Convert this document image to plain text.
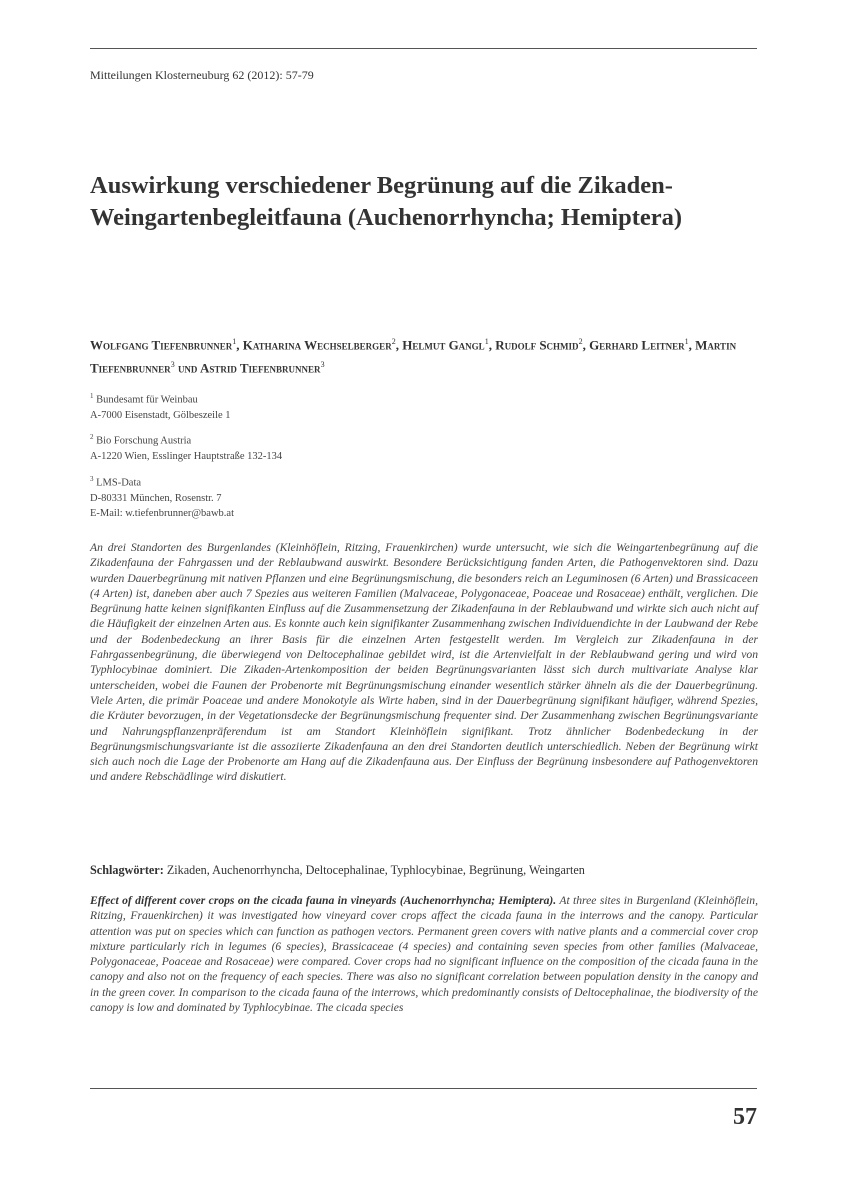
Mitteilungen Klosterneuburg 62 (2012): 57-79
Auswirkung verschiedener Begrünung auf die Zikaden-Weingartenbegleitfauna (Auchenorrhyncha; Hemiptera)
Wolfgang Tiefenbrunner$^1$, Katharina Wechselberger$^2$, Helmut Gangl$^1$, Rudolf Schmid$^2$, Gerhard Leitner$^1$, Martin Tiefenbrunner$^3$ und Astrid Tiefenbrunner$^3$
$^1$ Bundesamt für Weinbau
A-7000 Eisenstadt, Gölbeszeile 1
$^2$ Bio Forschung Austria
A-1220 Wien, Esslinger Hauptstraße 132-134
$^3$ LMS-Data
D-80331 München, Rosenstr. 7
E-Mail: w.tiefenbrunner@bawb.at

An drei Standorten des Burgenlandes (Kleinhöflein, Ritzing, Frauenkirchen) wurde untersucht, wie sich die Weingartenbegrünung auf die Zikadenfauna der Fahrgassen und der Reblaubwand auswirkt. Besondere Berücksichtigung fanden Arten, die Pathogenvektoren sind. Dazu wurden Dauerbegrünung mit nativen Pflanzen und eine Begrünungsmischung, die besonders reich an Leguminosen (6 Arten) und Brassicaceen (4 Arten) ist, daneben aber auch 7 Spezies aus weiteren Familien (Malvaceae, Polygonaceae, Poaceae und Rosaceae) enthält, verglichen. Die Begrünung hatte keinen signifikanten Einfluss auf die Zusammensetzung der Zikadenfauna in der Reblaubwand und wirkte sich auch nicht auf die Häufigkeit der einzelnen Arten aus. Es konnte auch kein signifikanter Zusammenhang zwischen Individuendichte in der Laubwand der Rebe und der Bodenbedeckung an ihrer Basis für die einzelnen Arten festgestellt werden. Im Vergleich zur Zikadenfauna in der Fahrgassenbegrünung, die überwiegend von Deltocephalinae gebildet wird, ist die Artenvielfalt in der Reblaubwand gering und wird von Typhlocybinae dominiert. Die Zikaden-Artenkomposition der beiden Begrünungsvarianten lässt sich durch multivariate Analyse klar unterscheiden, wobei die Faunen der Probenorte mit Begrünungsmischung einander wesentlich stärker ähneln als die der Dauerbegrünung. Viele Arten, die primär Poaceae und andere Monokotyle als Wirte haben, sind in der Dauerbegrünung signifikant häufiger, während Spezies, die Kräuter bevorzugen, in der Vegetationsdecke der Begrünungsmischung frequenter sind. Der Zusammenhang zwischen Begrünungsvariante und Nahrungspflanzenpräferendum ist am Standort Kleinhöflein signifikant. Trotz ähnlicher Bodenbedeckung in der Begrünungsmischungsvariante ist die assoziierte Zikadenfauna an den drei Standorten deutlich unterschiedlich. Neben der Begrünung wirkt sich auch noch die Lage der Probenorte am Hang auf die Zikadenfauna aus. Der Einfluss der Begrünung insbesondere auf Pathogenvektoren und andere Rebschädlinge wird diskutiert.

Schlagwörter: Zikaden, Auchenorrhyncha, Deltocephalinae, Typhlocybinae, Begrünung, Weingarten

Effect of different cover crops on the cicada fauna in vineyards (Auchenorrhyncha; Hemiptera). At three sites in Burgenland (Kleinhöflein, Ritzing, Frauenkirchen) it was investigated how vineyard cover crops affect the cicada fauna in the interrows and the canopy. Particular attention was put on species which can function as pathogen vectors. Permanent green covers with native plants and a commercial cover crop mixture particularly rich in legumes (6 species), Brassicaceae (4 species) and containing seven species from other families (Malvaceae, Polygonaceae, Poaceae and Rosaceae) were compared. Cover crops had no significant influence on the composition of the cicada fauna in the canopy and also not on the frequency of each species. There was also no significant correlation between population density in the canopy and in the green cover. In comparison to the cicada fauna of the interrows, which predominantly consists of Deltocephalinae, the biodiversity of the canopy is low and dominated by Typhlocybinae. The cicada species

57
